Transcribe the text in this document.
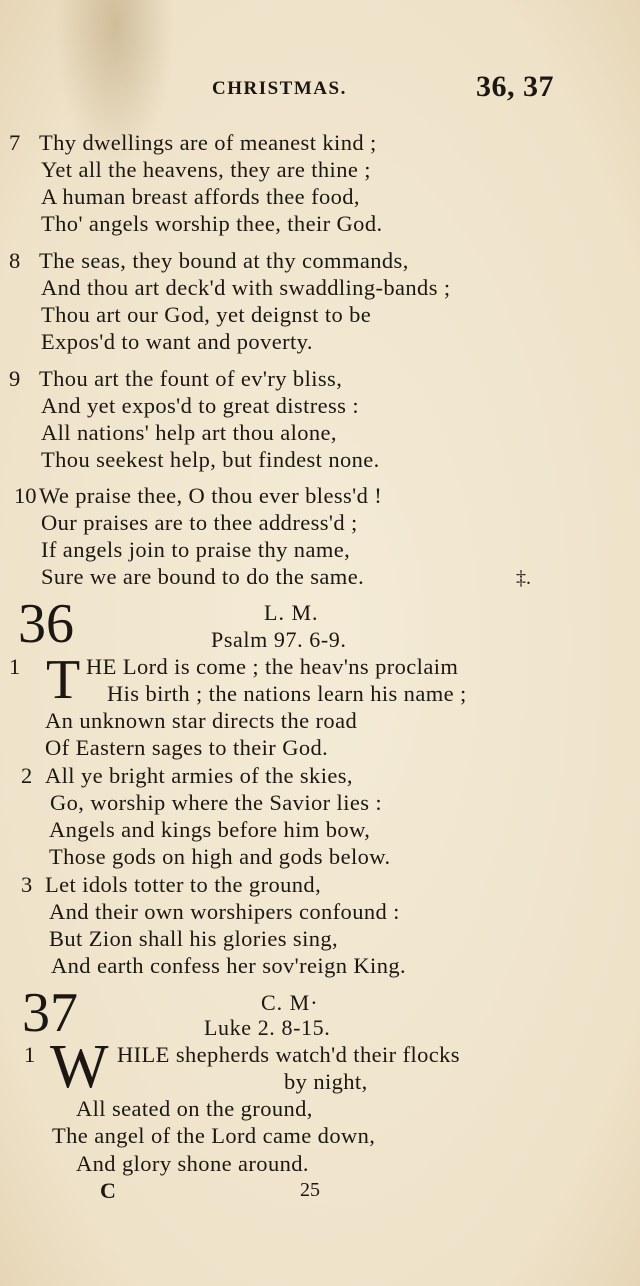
CHRISTMAS.	36, 37
7 Thy dwellings are of meanest kind ;
Yet all the heavens, they are thine ;
A human breast affords thee food,
Tho' angels worship thee, their God.
8 The seas, they bound at thy commands,
And thou art deck'd with swaddling-bands ;
Thou art our God, yet deignst to be
Expos'd to want and poverty.
9 Thou art the fount of ev'ry bliss,
And yet expos'd to great distress :
All nations' help art thou alone,
Thou seekest help, but findest none.
10 We praise thee, O thou ever bless'd !
Our praises are to thee address'd ;
If angels join to praise thy name,
Sure we are bound to do the same.	‡.
36	L. M.
Psalm 97. 6-9.
1 T HE Lord is come ; the heav'ns proclaim
His birth ; the nations learn his name ;
An unknown star directs the road
Of Eastern sages to their God.
2 All ye bright armies of the skies,
Go, worship where the Savior lies :
Angels and kings before him bow,
Those gods on high and gods below.
3 Let idols totter to the ground,
And their own worshipers confound :
But Zion shall his glories sing,
And earth confess her sov'reign King.
37	C. M·
Luke 2. 8-15.
1 W HILE shepherds watch'd their flocks
by night,
All seated on the ground,
The angel of the Lord came down,
And glory shone around.
C	25
